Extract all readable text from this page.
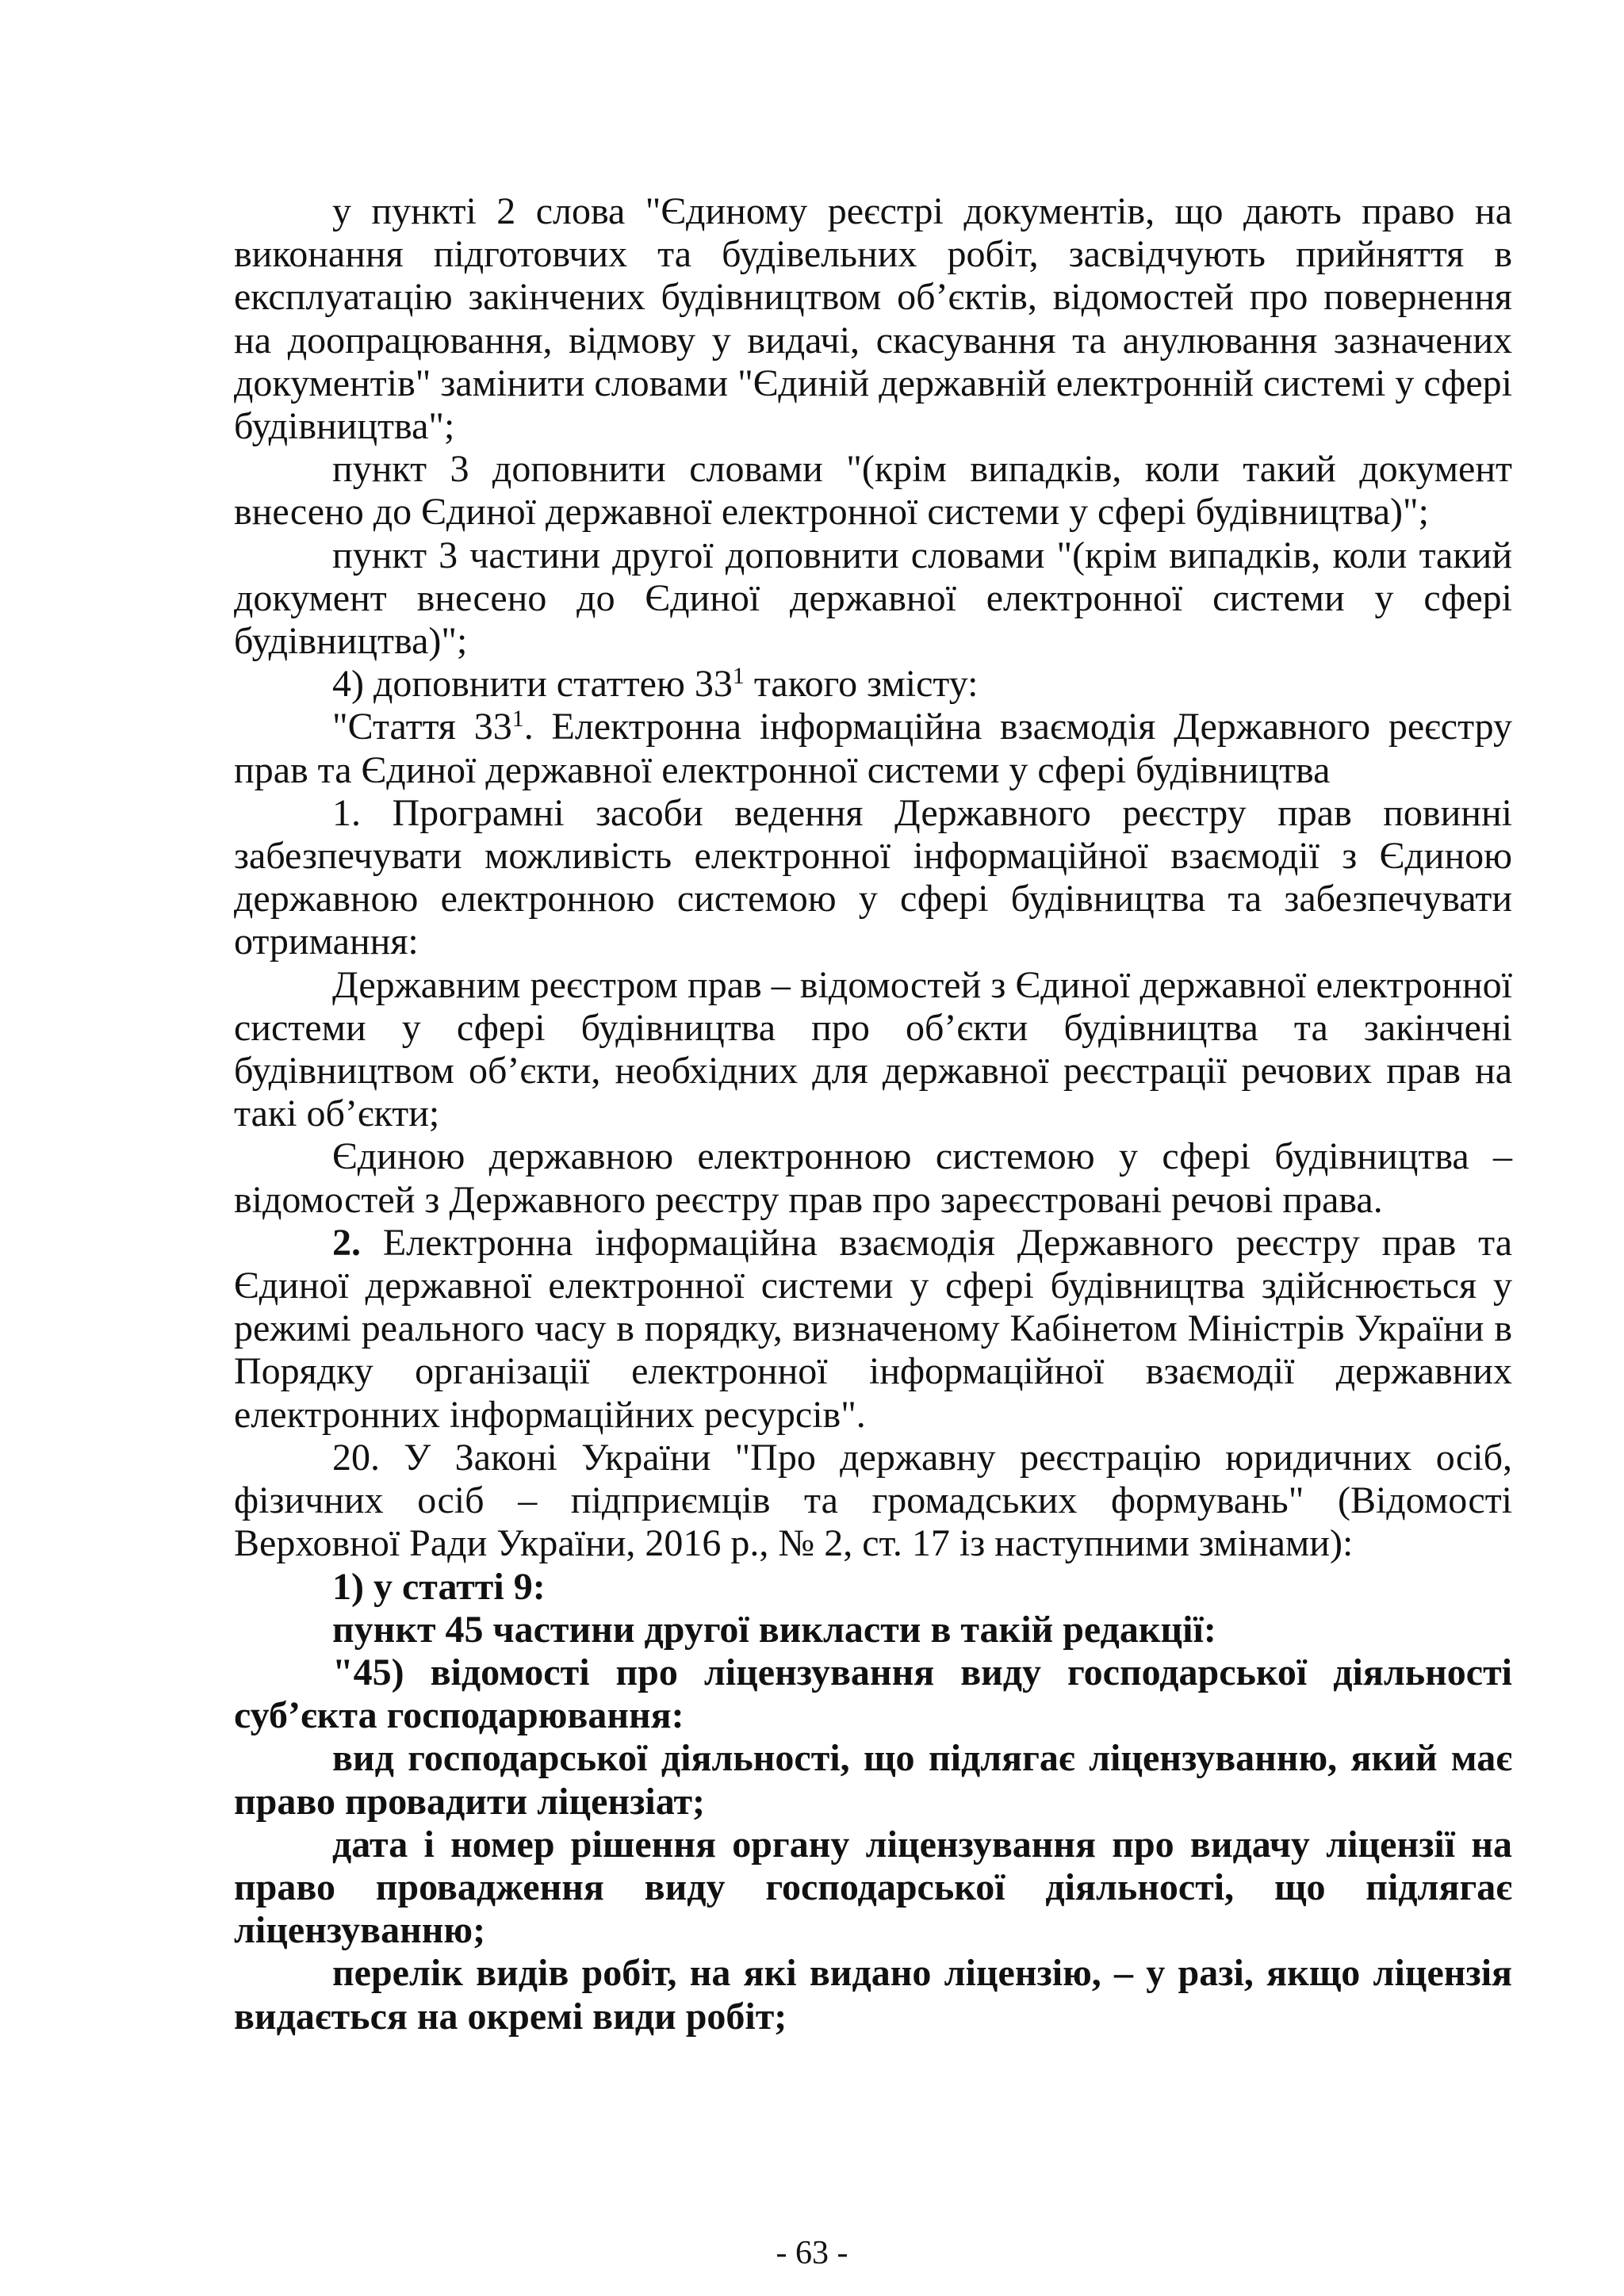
у пункті 2 слова "Єдиному реєстрі документів, що дають право на виконання підготовчих та будівельних робіт, засвідчують прийняття в експлуатацію закінчених будівництвом об’єктів, відомостей про повернення на доопрацювання, відмову у видачі, скасування та анулювання зазначених документів" замінити словами "Єдиній державній електронній системі у сфері будівництва";

пункт 3 доповнити словами "(крім випадків, коли такий документ внесено до Єдиної державної електронної системи у сфері будівництва)";

пункт 3 частини другої доповнити словами "(крім випадків, коли такий документ внесено до Єдиної державної електронної системи у сфері будівництва)";

4) доповнити статтею $33^1$ такого змісту:

"Стаття $33^1$. Електронна інформаційна взаємодія Державного реєстру прав та Єдиної державної електронної системи у сфері будівництва

1. Програмні засоби ведення Державного реєстру прав повинні забезпечувати можливість електронної інформаційної взаємодії з Єдиною державною електронною системою у сфері будівництва та забезпечувати отримання:

Державним реєстром прав – відомостей з Єдиної державної електронної системи у сфері будівництва про об’єкти будівництва та закінчені будівництвом об’єкти, необхідних для державної реєстрації речових прав на такі об’єкти;

Єдиною державною електронною системою у сфері будівництва – відомостей з Державного реєстру прав про зареєстровані речові права.

2. Електронна інформаційна взаємодія Державного реєстру прав та Єдиної державної електронної системи у сфері будівництва здійснюється у режимі реального часу в порядку, визначеному Кабінетом Міністрів України в Порядку організації електронної інформаційної взаємодії державних електронних інформаційних ресурсів".

20. У Законі України "Про державну реєстрацію юридичних осіб, фізичних осіб – підприємців та громадських формувань" (Відомості Верховної Ради України, 2016 р., № 2, ст. 17 із наступними змінами):

1) у статті 9:

пункт 45 частини другої викласти в такій редакції:

"45) відомості про ліцензування виду господарської діяльності суб’єкта господарювання:

вид господарської діяльності, що підлягає ліцензуванню, який має право провадити ліцензіат;

дата і номер рішення органу ліцензування про видачу ліцензії на право провадження виду господарської діяльності, що підлягає ліцензуванню;

перелік видів робіт, на які видано ліцензію, – у разі, якщо ліцензія видається на окремі види робіт;

- 63 -
